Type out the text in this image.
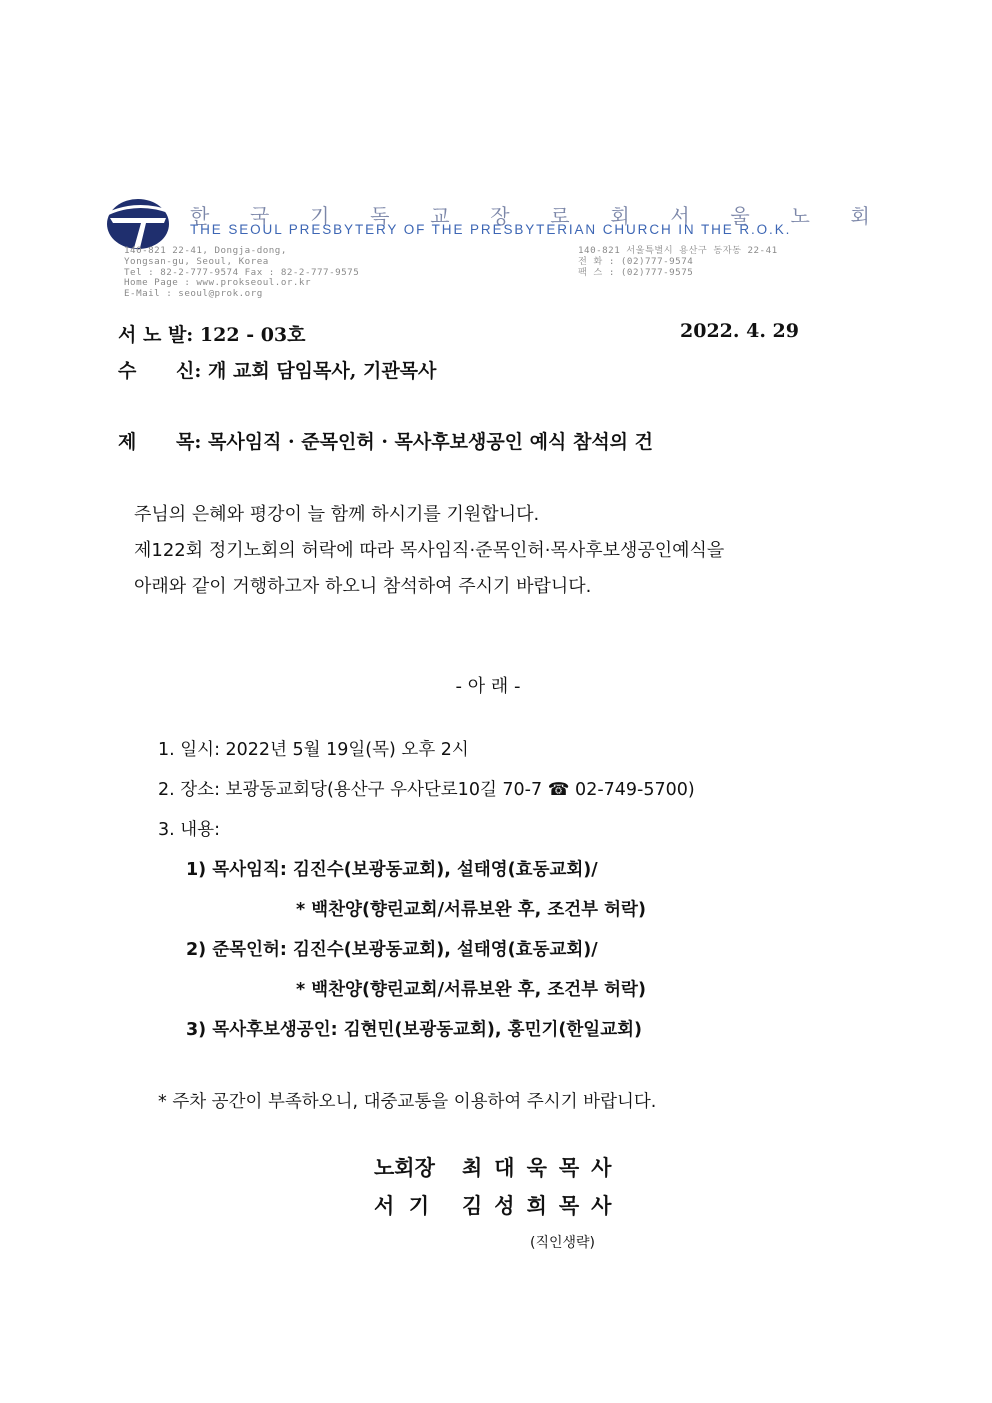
한 국 기 독 교 장 로 회 서 울 노 회
THE SEOUL PRESBYTERY OF THE PRESBYTERIAN CHURCH IN THE R.O.K.
140-821 22-41, Dongja-dong,
Yongsan-gu, Seoul, Korea
Tel : 82-2-777-9574 Fax : 82-2-777-9575
Home Page : www.prokseoul.or.kr
E-Mail : seoul@prok.org
140-821 서울특별시 용산구 동자동 22-41
전 화 : (02)777-9574
팩 스 : (02)777-9575
서 노 발: 122 - 03호	2022. 4. 29
수      신: 개 교회 담임목사, 기관목사
제      목: 목사임직 · 준목인허 · 목사후보생공인 예식 참석의 건
주님의 은혜와 평강이 늘 함께 하시기를 기원합니다.
제122회 정기노회의 허락에 따라 목사임직·준목인허·목사후보생공인예식을
아래와 같이 거행하고자 하오니 참석하여 주시기 바랍니다.
- 아 래 -
1. 일시: 2022년 5월 19일(목) 오후 2시
2. 장소: 보광동교회당(용산구 우사단로10길 70-7 ☎ 02-749-5700)
3. 내용:
1) 목사임직: 김진수(보광동교회), 설태영(효동교회)/
* 백찬양(향린교회/서류보완 후, 조건부 허락)
2) 준목인허: 김진수(보광동교회), 설태영(효동교회)/
* 백찬양(향린교회/서류보완 후, 조건부 허락)
3) 목사후보생공인: 김현민(보광동교회), 홍민기(한일교회)
* 주차 공간이 부족하오니, 대중교통을 이용하여 주시기 바랍니다.
노회장	최대욱목사
서  기	김성희목사
(직인생략)
